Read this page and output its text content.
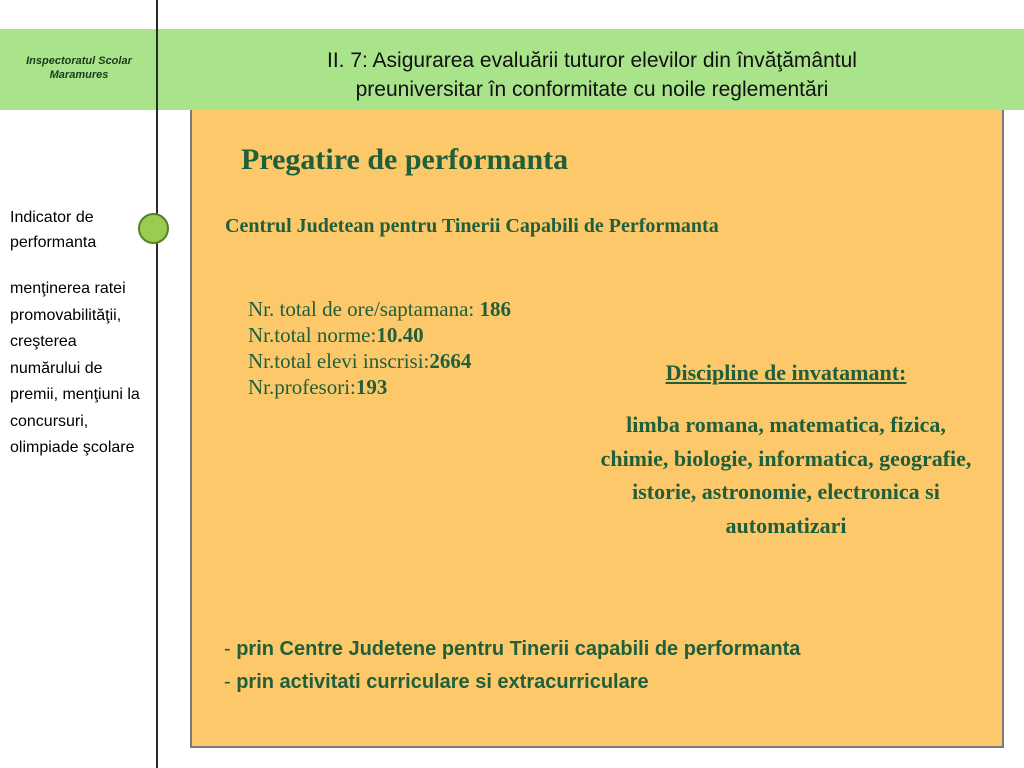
Inspectoratul Scolar Maramures
II. 7: Asigurarea evaluării tuturor elevilor din învăţământul
preuniversitar în conformitate cu noile reglementări
Indicator de performanta
menţinerea ratei promovabilităţii, creşterea numărului de premii, menţiuni la concursuri, olimpiade şcolare
Pregatire de performanta
Centrul Judetean pentru Tinerii Capabili de Performanta
Nr. total de ore/saptamana: 186
Nr.total norme:10.40
Nr.total elevi inscrisi:2664
Nr.profesori:193
Discipline de invatamant:
limba romana, matematica, fizica, chimie, biologie, informatica, geografie, istorie, astronomie, electronica si automatizari
- prin Centre Judetene pentru Tinerii capabili de performanta
- prin activitati curriculare si extracurriculare
